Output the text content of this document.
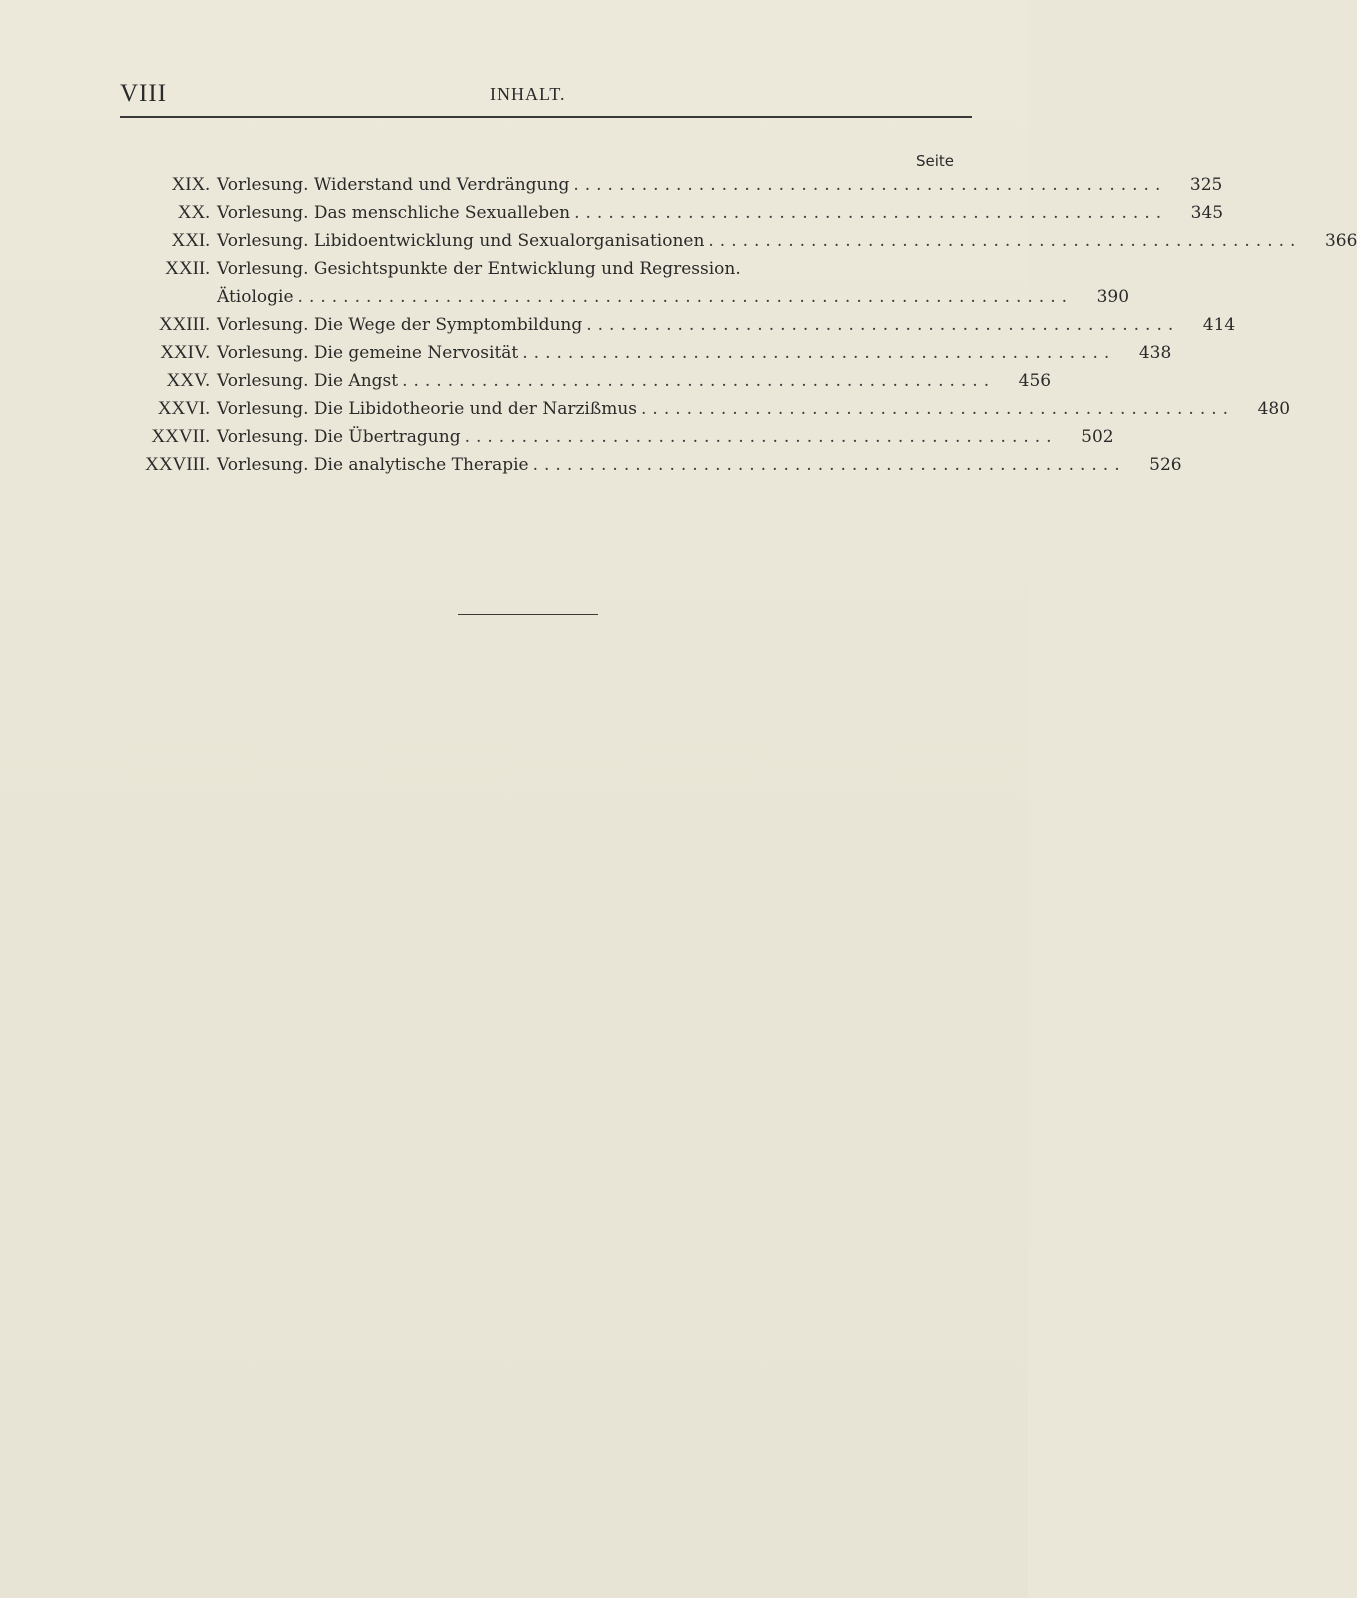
VIII	INHALT.
Seite
XIX. Vorlesung. Widerstand und Verdrängung ....................................................	325
XX. Vorlesung. Das menschliche Sexualleben ....................................................	345
XXI. Vorlesung. Libidoentwicklung und Sexualorganisationen ....................................................	366
XXII. Vorlesung. Gesichtspunkte der Entwicklung und Regression.
Ätiologie ....................................................................	390
XXIII. Vorlesung. Die Wege der Symptombildung ....................................................	414
XXIV. Vorlesung. Die gemeine Nervosität ....................................................	438
XXV. Vorlesung. Die Angst ....................................................	456
XXVI. Vorlesung. Die Libidotheorie und der Narzißmus ....................................................	480
XXVII. Vorlesung. Die Übertragung ....................................................	502
XXVIII. Vorlesung. Die analytische Therapie ....................................................	526
